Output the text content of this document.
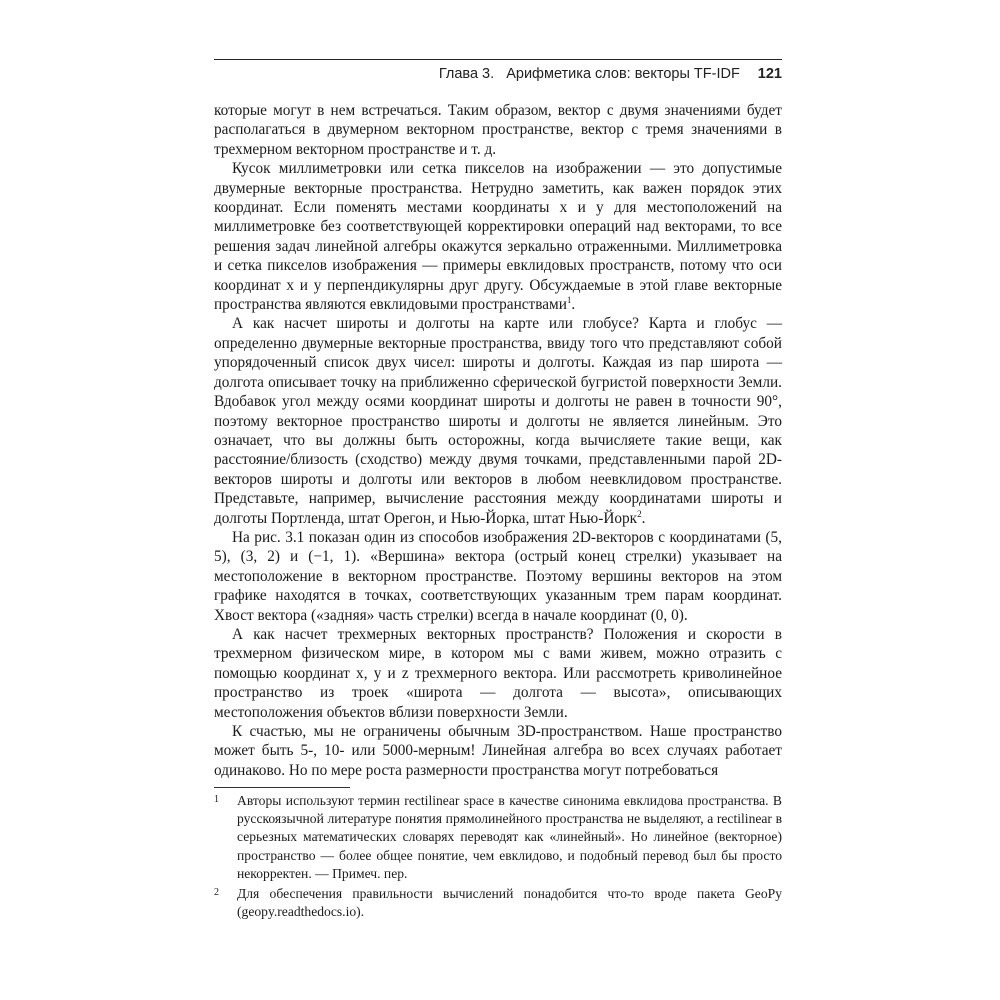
Глава 3.   Арифметика слов: векторы TF-IDF 121

которые могут в нем встречаться. Таким образом, вектор с двумя значениями будет располагаться в двумерном векторном пространстве, вектор с тремя значениями в трехмерном векторном пространстве и т. д.

Кусок миллиметровки или сетка пикселов на изображении — это допустимые двумерные векторные пространства. Нетрудно заметить, как важен порядок этих координат. Если поменять местами координаты x и y для местоположений на миллиметровке без соответствующей корректировки операций над векторами, то все решения задач линейной алгебры окажутся зеркально отраженными. Миллиметровка и сетка пикселов изображения — примеры евклидовых пространств, потому что оси координат x и y перпендикулярны друг другу. Обсуждаемые в этой главе векторные пространства являются евклидовыми пространствами$^1$.

А как насчет широты и долготы на карте или глобусе? Карта и глобус — определенно двумерные векторные пространства, ввиду того что представляют собой упорядоченный список двух чисел: широты и долготы. Каждая из пар широта — долгота описывает точку на приближенно сферической бугристой поверхности Земли. Вдобавок угол между осями координат широты и долготы не равен в точности 90°, поэтому векторное пространство широты и долготы не является линейным. Это означает, что вы должны быть осторожны, когда вычисляете такие вещи, как расстояние/близость (сходство) между двумя точками, представленными парой 2D-векторов широты и долготы или векторов в любом неевклидовом пространстве. Представьте, например, вычисление расстояния между координатами широты и долготы Портленда, штат Орегон, и Нью-Йорка, штат Нью-Йорк$^2$.

На рис. 3.1 показан один из способов изображения 2D-векторов с координатами (5, 5), (3, 2) и (−1, 1). «Вершина» вектора (острый конец стрелки) указывает на местоположение в векторном пространстве. Поэтому вершины векторов на этом графике находятся в точках, соответствующих указанным трем парам координат. Хвост вектора («задняя» часть стрелки) всегда в начале координат (0, 0).

А как насчет трехмерных векторных пространств? Положения и скорости в трехмерном физическом мире, в котором мы с вами живем, можно отразить с помощью координат x, y и z трехмерного вектора. Или рассмотреть криволинейное пространство из троек «широта — долгота — высота», описывающих местоположения объектов вблизи поверхности Земли.

К счастью, мы не ограничены обычным 3D-пространством. Наше пространство может быть 5-, 10- или 5000-мерным! Линейная алгебра во всех случаях работает одинаково. Но по мере роста размерности пространства могут потребоваться

1	Авторы используют термин rectilinear space в качестве синонима евклидова пространства. В русскоязычной литературе понятия прямолинейного пространства не выделяют, а rectilinear в серьезных математических словарях переводят как «линейный». Но линейное (векторное) пространство — более общее понятие, чем евклидово, и подобный перевод был бы просто некорректен. — Примеч. пер.
2	Для обеспечения правильности вычислений понадобится что-то вроде пакета GeoPy (geopy.readthedocs.io).
